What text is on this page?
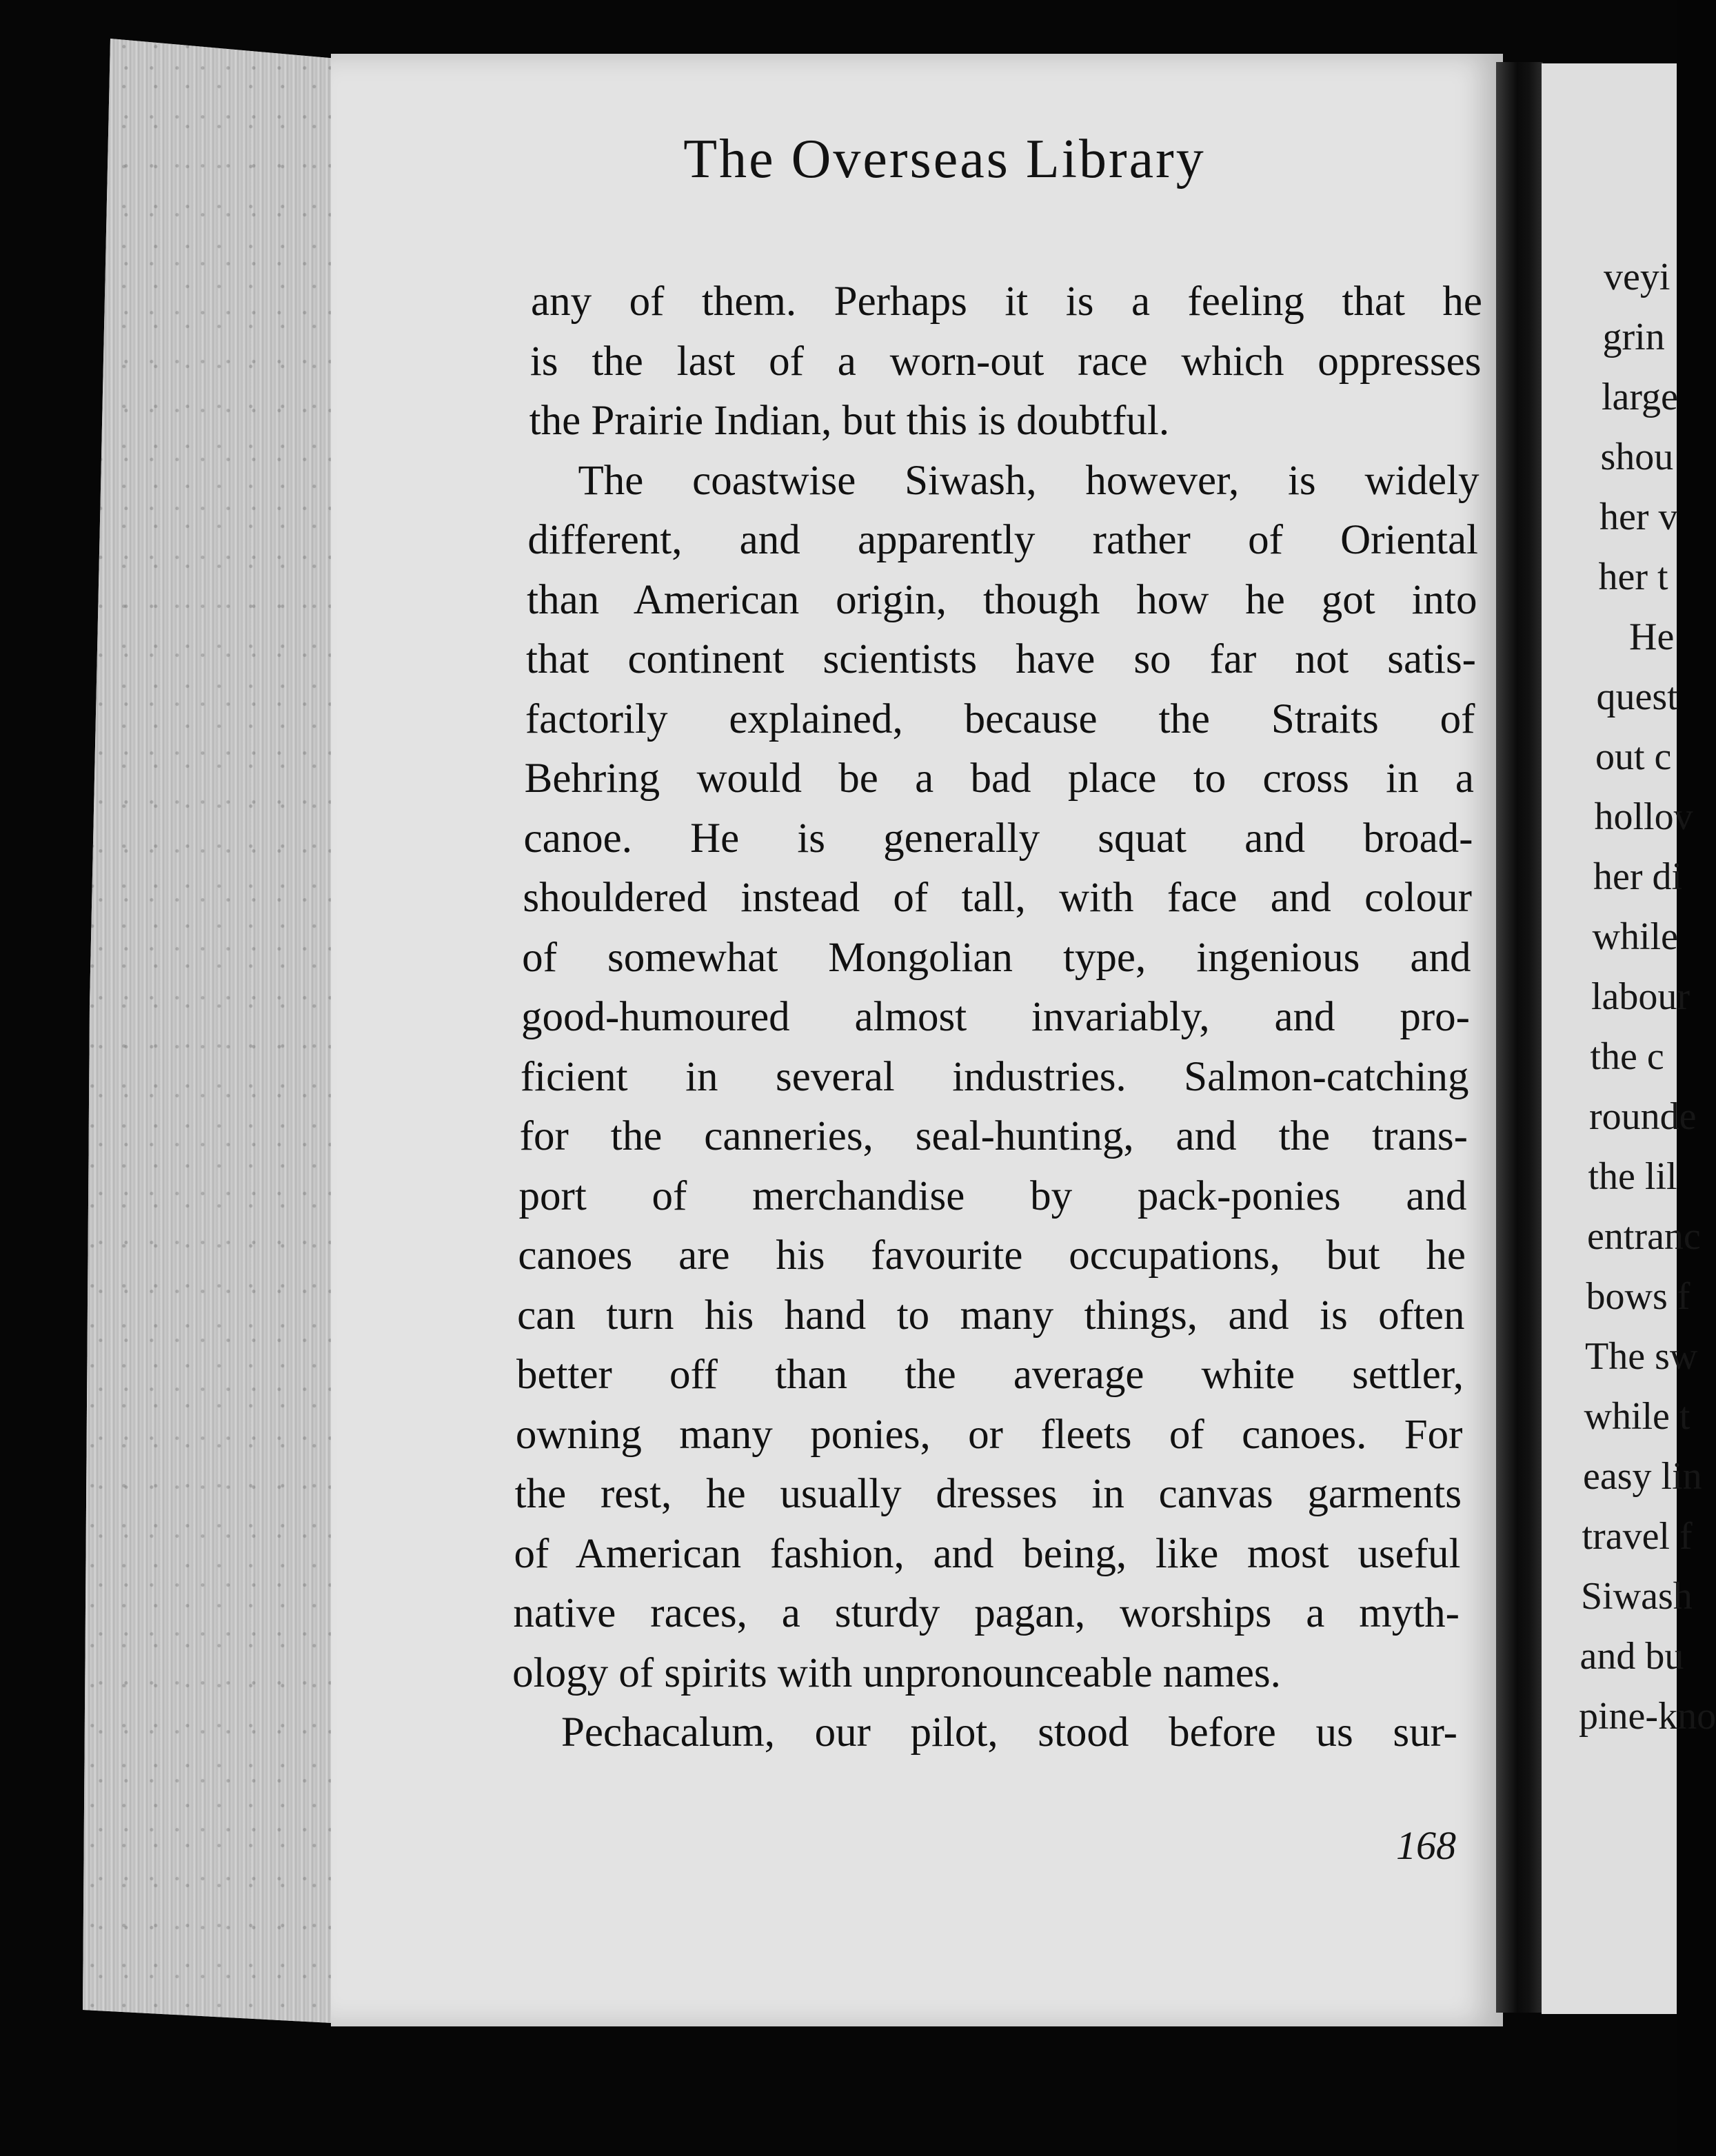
The Overseas Library
any of them. Perhaps it is a feeling that he
is the last of a worn-out race which oppresses
the Prairie Indian, but this is doubtful.
The coastwise Siwash, however, is widely
different, and apparently rather of Oriental
than American origin, though how he got into
that continent scientists have so far not satis-
factorily explained, because the Straits of
Behring would be a bad place to cross in a
canoe. He is generally squat and broad-
shouldered instead of tall, with face and colour
of somewhat Mongolian type, ingenious and
good-humoured almost invariably, and pro-
ficient in several industries. Salmon-catching
for the canneries, seal-hunting, and the trans-
port of merchandise by pack-ponies and
canoes are his favourite occupations, but he
can turn his hand to many things, and is often
better off than the average white settler,
owning many ponies, or fleets of canoes. For
the rest, he usually dresses in canvas garments
of American fashion, and being, like most useful
native races, a sturdy pagan, worships a myth-
ology of spirits with unpronounceable names.
Pechacalum, our pilot, stood before us sur-
168
veyi
grin
large
shou
her v
her t
He
quest
out c
hollov
her di
while
labour
the c
rounde
the lil
entranc
bows f
The sw
while t
easy lin
travel f
Siwash
and bu
pine-kno
